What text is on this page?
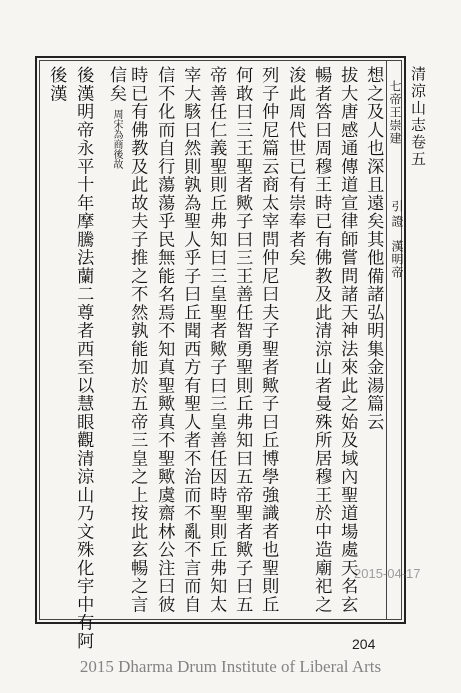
清涼山志卷五
七帝王崇建
引證
漢明帝
想之及人也深且遠矣其他備諸弘明集金湯篇云
拔大唐感通傳道宣律師嘗問諸天神法來此之始及域內聖道場處天名玄
暢者答曰周穆王時已有佛教及此清涼山者曼殊所居穆王於中造廟祀之
浚此周代世已有崇奉者矣
列子仲尼篇云商太宰問仲尼曰夫子聖者歟子曰丘博學強識者也聖則丘
何敢曰三王聖者歟子曰三王善任智勇聖則丘弗知曰五帝聖者歟子曰五
帝善任仁義聖則丘弗知曰三皇聖者歟子曰三皇善任因時聖則丘弗知太
宰大駭曰然則孰為聖人乎子曰丘聞西方有聖人者不治而不亂不言而自
信不化而自行蕩蕩乎民無能名焉不知真聖歟真不聖歟虞齋林公注曰彼
時已有佛教及此故夫子推之不然孰能加於五帝三皇之上按此玄暢之言
信矣 周宋為商後故
後漢明帝永平十年摩騰法蘭二尊者西至以慧眼觀清涼山乃文殊化宇中有阿
後漢
2015-04-17
204
2015 Dharma Drum Institute of Liberal Arts
